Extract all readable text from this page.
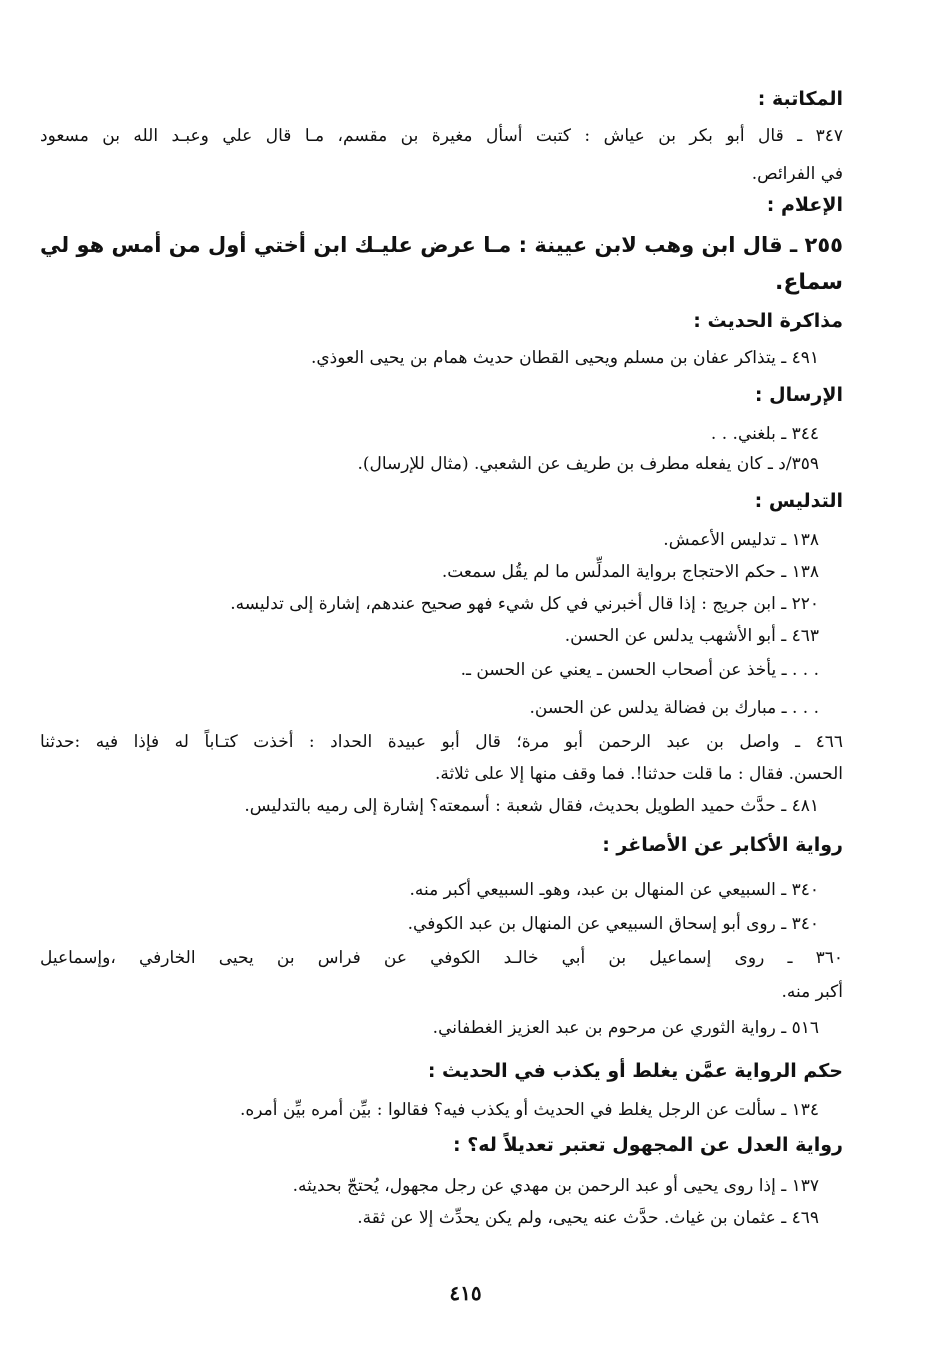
المكاتبة :
٣٤٧ ـ قال أبو بكر بن عياش : كتبت أسأل مغيرة بن مقسم، مـا قال علي وعبـد الله بن مسعود
في الفرائص.
الإعلام :
٢٥٥ ـ قال ابن وهب لابن عيينة : مـا عرض عليـك ابن أختي أول من أمس هو لي
سماع.
مذاكرة الحديث :
٤٩١ ـ يتذاكر عفان بن مسلم ويحيى القطان حديث همام بن يحيى العوذي.
الإرسال :
٣٤٤ ـ بلغني. . .
٣٥٩/د ـ كان يفعله مطرف بن طريف عن الشعبي. (مثال للإرسال).
التدليس :
١٣٨ ـ تدليس الأعمش.
١٣٨ ـ حكم الاحتجاج برواية المدلِّس ما لم يقُل سمعت.
٢٢٠ ـ ابن جريج : إذا قال أخبرني في كل شيء فهو صحيح عندهم، إشارة إلى تدليسه.
٤٦٣ ـ أبو الأشهب يدلس عن الحسن.
. . . ـ يأخذ عن أصحاب الحسن ـ يعني عن الحسن ـ.
. . . ـ مبارك بن فضالة يدلس عن الحسن.
٤٦٦ ـ واصل بن عبد الرحمن أبو مرة؛ قال أبو عبيدة الحداد : أخذت كتـاباً له فإذا فيه :حدثنا
الحسن. فقال : ما قلت حدثنا!. فما وقف منها إلا على ثلاثة.
٤٨١ ـ حدَّث حميد الطويل بحديث، فقال شعبة : أسمعته؟ إشارة إلى رميه بالتدليس.
رواية الأكابر عن الأصاغر :
٣٤٠ ـ السبيعي عن المنهال بن عبد، وهوـ السبيعي أكبر منه.
٣٤٠ ـ روى أبو إسحاق السبيعي عن المنهال بن عبد الكوفي.
٣٦٠ ـ روى إسماعيل بن أبي خالـد الكوفي عن فراس بن يحيى الخارفي ،وإسماعيل
أكبر منه.
٥١٦ ـ رواية الثوري عن مرحوم بن عبد العزيز الغطفاني.
حكم الرواية عمَّن يغلط أو يكذب في الحديث :
١٣٤ ـ سألت عن الرجل يغلط في الحديث أو يكذب فيه؟ فقالوا : بيِّن أمره بيِّن أمره.
رواية العدل عن المجهول تعتبر تعديلاً له؟ :
١٣٧ ـ إذا روى يحيى أو عبد الرحمن بن مهدي عن رجل مجهول، يُحتجّ بحديثه.
٤٦٩ ـ عثمان بن غياث. حدَّث عنه يحيى، ولم يكن يحدِّث إلا عن ثقة.
٤١٥
